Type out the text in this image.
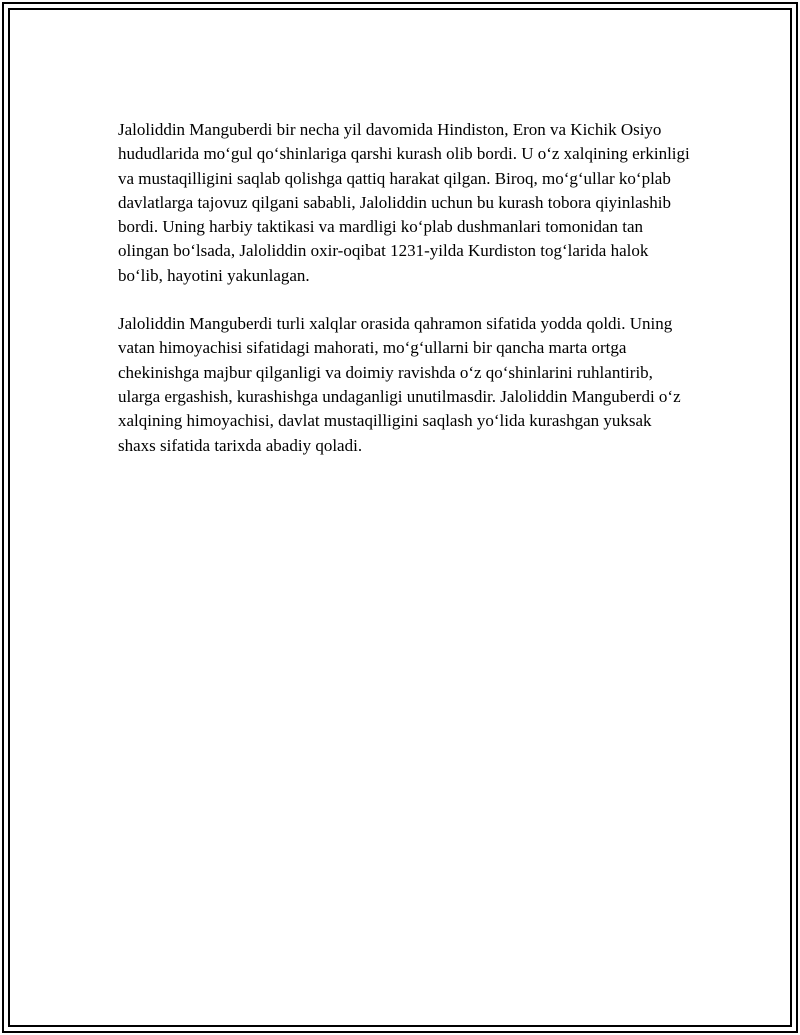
Jaloliddin Manguberdi bir necha yil davomida Hindiston, Eron va Kichik Osiyo hududlarida mo‘gul qo‘shinlariga qarshi kurash olib bordi. U o‘z xalqining erkinligi va mustaqilligini saqlab qolishga qattiq harakat qilgan. Biroq, mo‘g‘ullar ko‘plab davlatlarga tajovuz qilgani sababli, Jaloliddin uchun bu kurash tobora qiyinlashib bordi. Uning harbiy taktikasi va mardligi ko‘plab dushmanlari tomonidan tan olingan bo‘lsada, Jaloliddin oxir-oqibat 1231-yilda Kurdiston tog‘larida halok bo‘lib, hayotini yakunlagan.

Jaloliddin Manguberdi turli xalqlar orasida qahramon sifatida yodda qoldi. Uning vatan himoyachisi sifatidagi mahorati, mo‘g‘ullarni bir qancha marta ortga chekinishga majbur qilganligi va doimiy ravishda o‘z qo‘shinlarini ruhlantirib, ularga ergashish, kurashishga undaganligi unutilmasdir. Jaloliddin Manguberdi o‘z xalqining himoyachisi, davlat mustaqilligini saqlash yo‘lida kurashgan yuksak shaxs sifatida tarixda abadiy qoladi.
